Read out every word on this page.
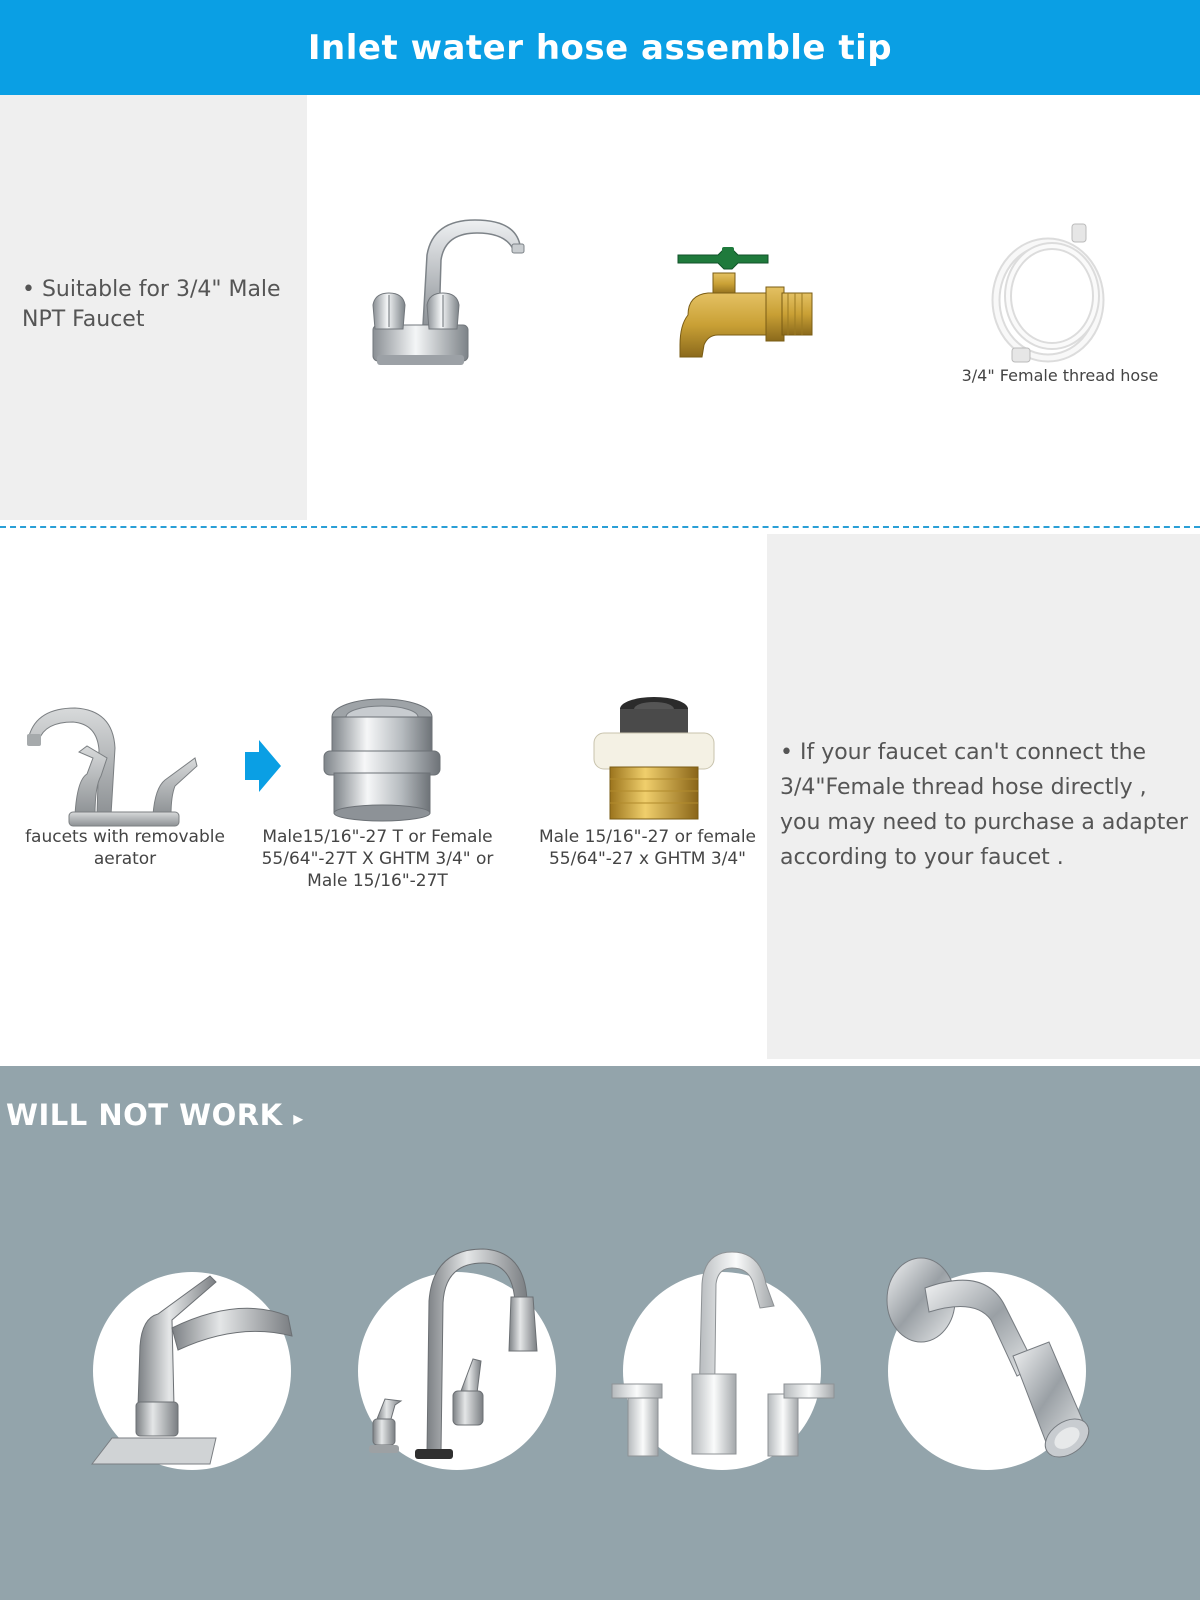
Inlet water hose assemble tip

• Suitable for 3/4" Male NPT Faucet

3/4" Female thread hose
faucets with removable aerator
Male15/16"-27 T or Female 55/64"-27T X GHTM 3/4" or Male 15/16"-27T
Male 15/16"-27 or female 55/64"-27 x GHTM 3/4"

• If your faucet can't connect the 3/4"Female thread hose directly , you may need to purchase a adapter according to your faucet .

WILL NOT WORK ▸
